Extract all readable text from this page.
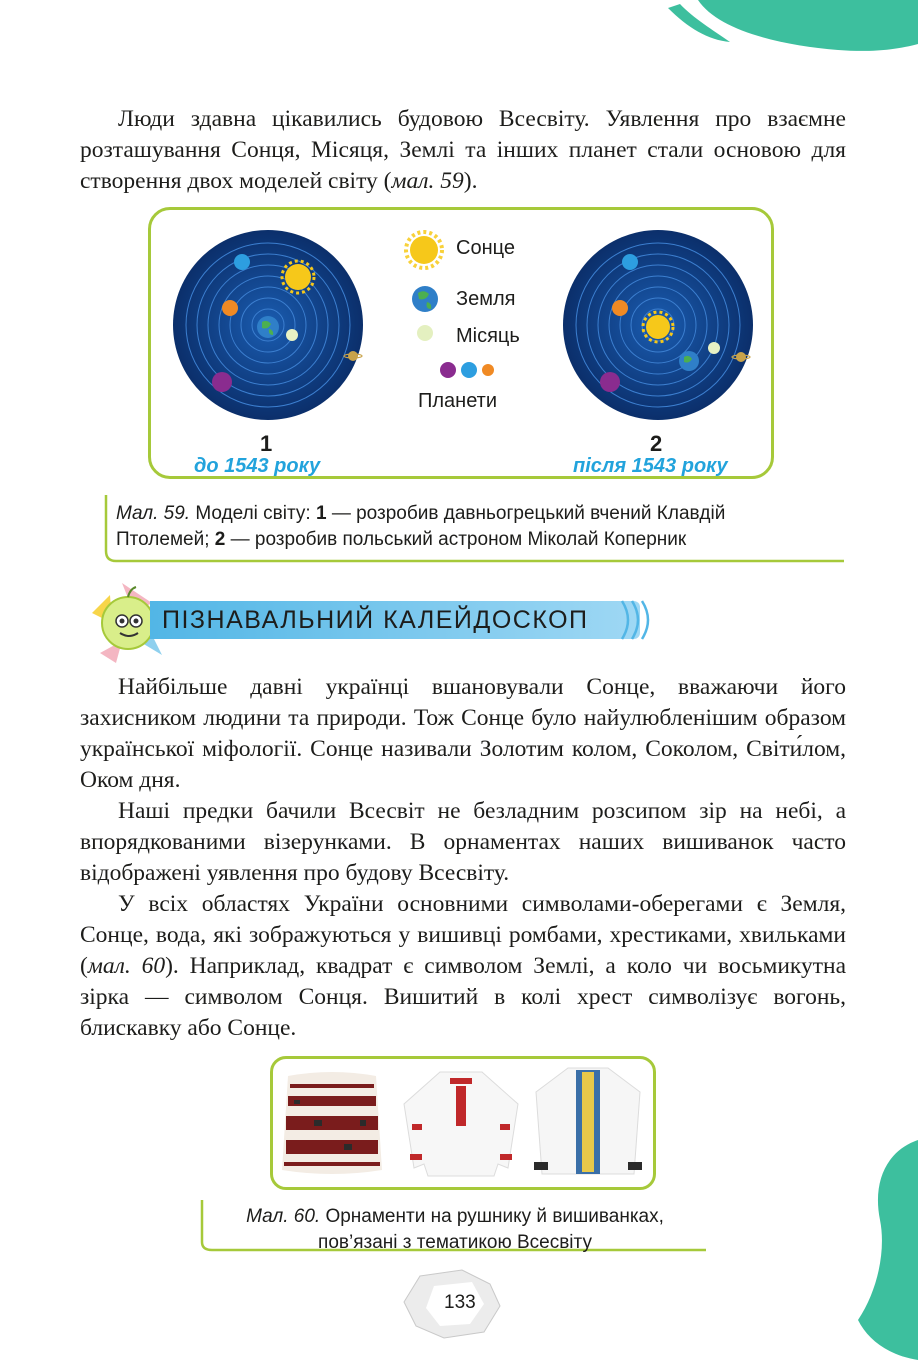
Люди здавна цікавились будовою Всесвіту. Уявлення про взаємне розташування Сонця, Місяця, Землі та інших планет стали основою для створення двох моделей світу (мал. 59).

Сонце
Земля
Місяць
Планети
1
до 1543 року
2
після 1543 року
Мал. 59. Моделі світу: 1 — розробив давньогрецький вчений Клавдій
Птолемей; 2 — розробив польський астроном Міколай Коперник
ПІЗНАВАЛЬНИЙ КАЛЕЙДОСКОП

Найбільше давні українці вшановували Сонце, вважаючи його захисником людини та природи. Тож Сонце було найулюбленішим образом української міфології. Сонце називали Золотим колом, Соколом, Світи́лом, Оком дня.

Наші предки бачили Всесвіт не безладним розсипом зір на небі, а впорядкованими візерунками. В орнаментах наших вишиванок часто відображені уявлення про будову Всесвіту.

У всіх областях України основними символами-оберегами є Земля, Сонце, вода, які зображуються у вишивці ромбами, хрестиками, хвильками (мал. 60). Наприклад, квадрат є символом Землі, а коло чи восьмикутна зірка — символом Сонця. Вишитий в колі хрест символізує вогонь, блискавку або Сонце.

Мал. 60. Орнаменти на рушнику й вишиванках,
пов’язані з тематикою Всесвіту
133
